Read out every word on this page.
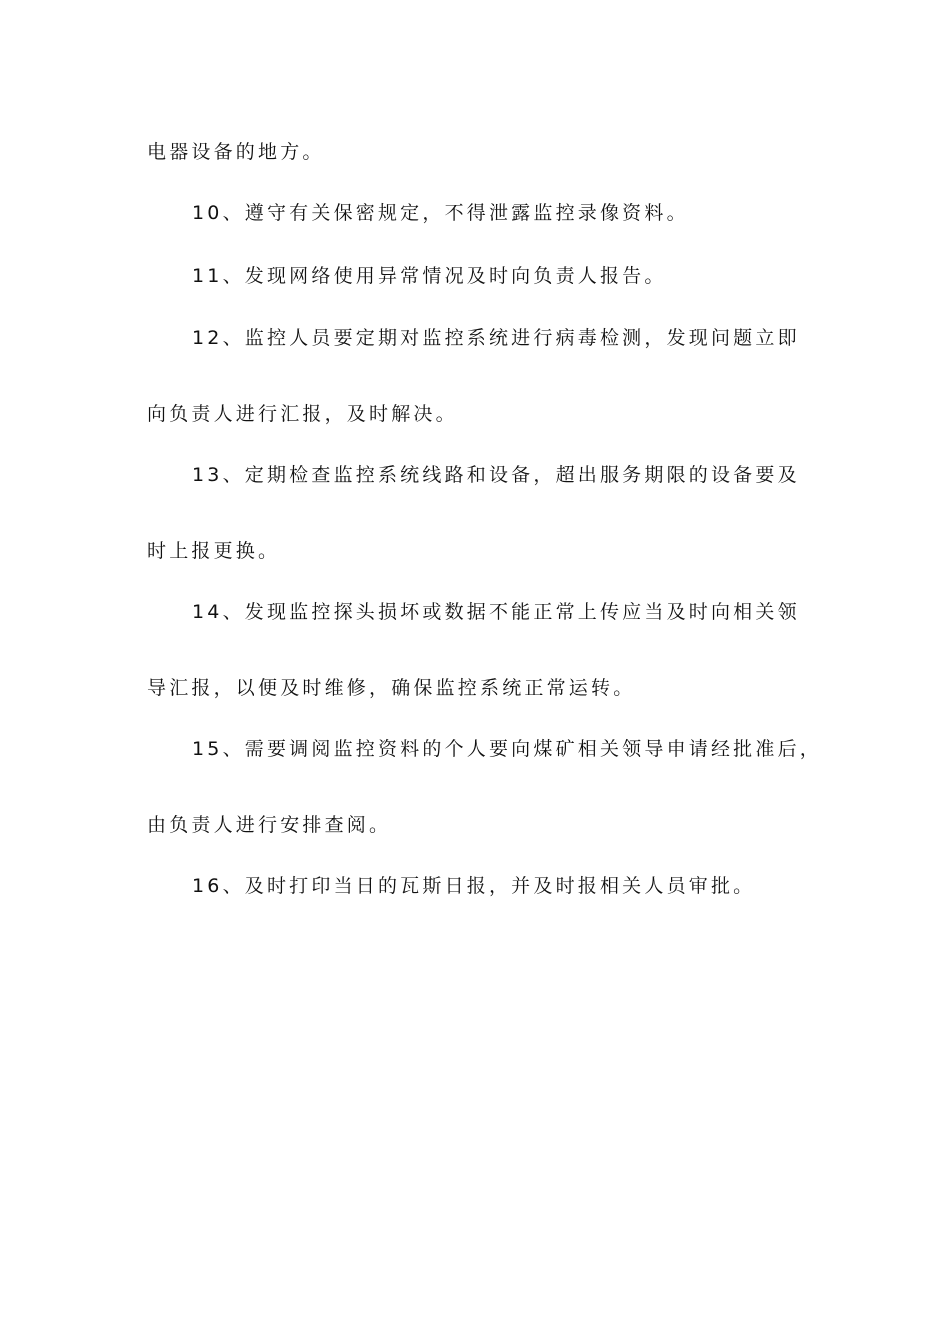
电器设备的地方。
10、遵守有关保密规定，不得泄露监控录像资料。
11、发现网络使用异常情况及时向负责人报告。
12、监控人员要定期对监控系统进行病毒检测，发现问题立即
向负责人进行汇报，及时解决。
13、定期检查监控系统线路和设备，超出服务期限的设备要及
时上报更换。
14、发现监控探头损坏或数据不能正常上传应当及时向相关领
导汇报，以便及时维修，确保监控系统正常运转。
15、需要调阅监控资料的个人要向煤矿相关领导申请经批准后，
由负责人进行安排查阅。
16、及时打印当日的瓦斯日报，并及时报相关人员审批。
